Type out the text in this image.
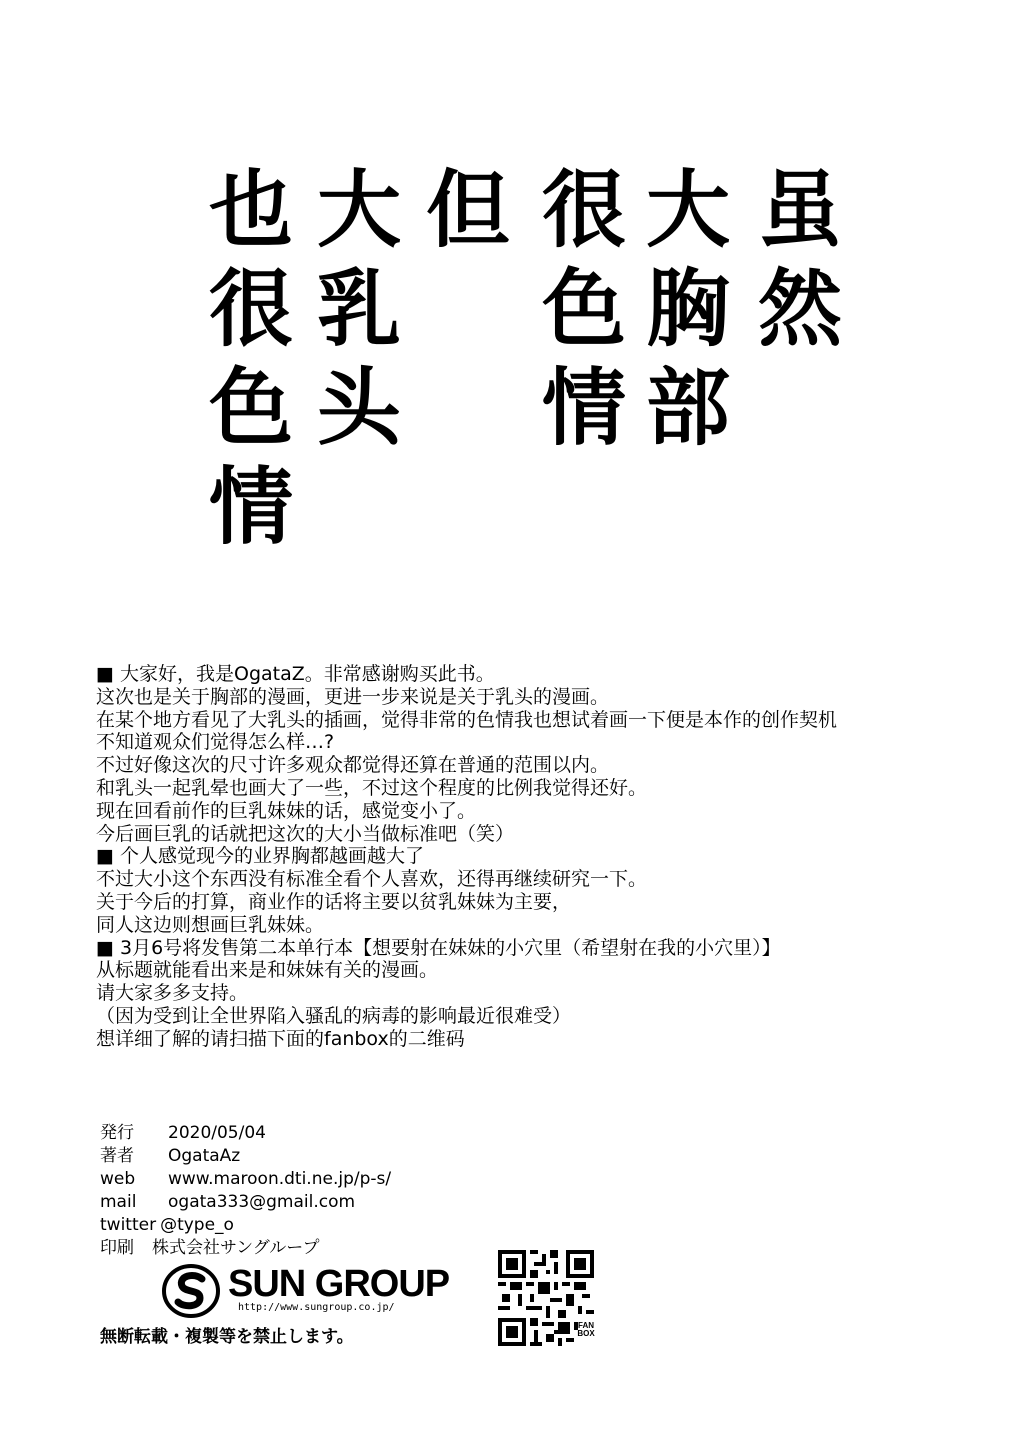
也
很
色
情
大
乳
头
但 很
色
情
大
胸
部
虽
然
■ 大家好，我是OgataZ。非常感谢购买此书。
这次也是关于胸部的漫画，更进一步来说是关于乳头的漫画。
在某个地方看见了大乳头的插画，觉得非常的色情我也想试着画一下便是本作的创作契机
不知道观众们觉得怎么样…?
不过好像这次的尺寸许多观众都觉得还算在普通的范围以内。
和乳头一起乳晕也画大了一些，不过这个程度的比例我觉得还好。
现在回看前作的巨乳妹妹的话，感觉变小了。
今后画巨乳的话就把这次的大小当做标准吧（笑）
■ 个人感觉现今的业界胸都越画越大了
不过大小这个东西没有标准全看个人喜欢，还得再继续研究一下。
关于今后的打算，商业作的话将主要以贫乳妹妹为主要，
同人这边则想画巨乳妹妹。
■ 3月6号将发售第二本单行本【想要射在妹妹的小穴里（希望射在我的小穴里）】
从标题就能看出来是和妹妹有关的漫画。
请大家多多支持。
（因为受到让全世界陷入骚乱的病毒的影响最近很难受）
想详细了解的请扫描下面的fanbox的二维码
発行	2020/05/04
著者	OgataAz
web	www.maroon.dti.ne.jp/p-s/
mail	ogata333@gmail.com
twitter @type_o
印刷	株式会社サングループ
SUN GROUP
http://www.sungroup.co.jp/
無断転載・複製等を禁止します。
FAN
BOX
